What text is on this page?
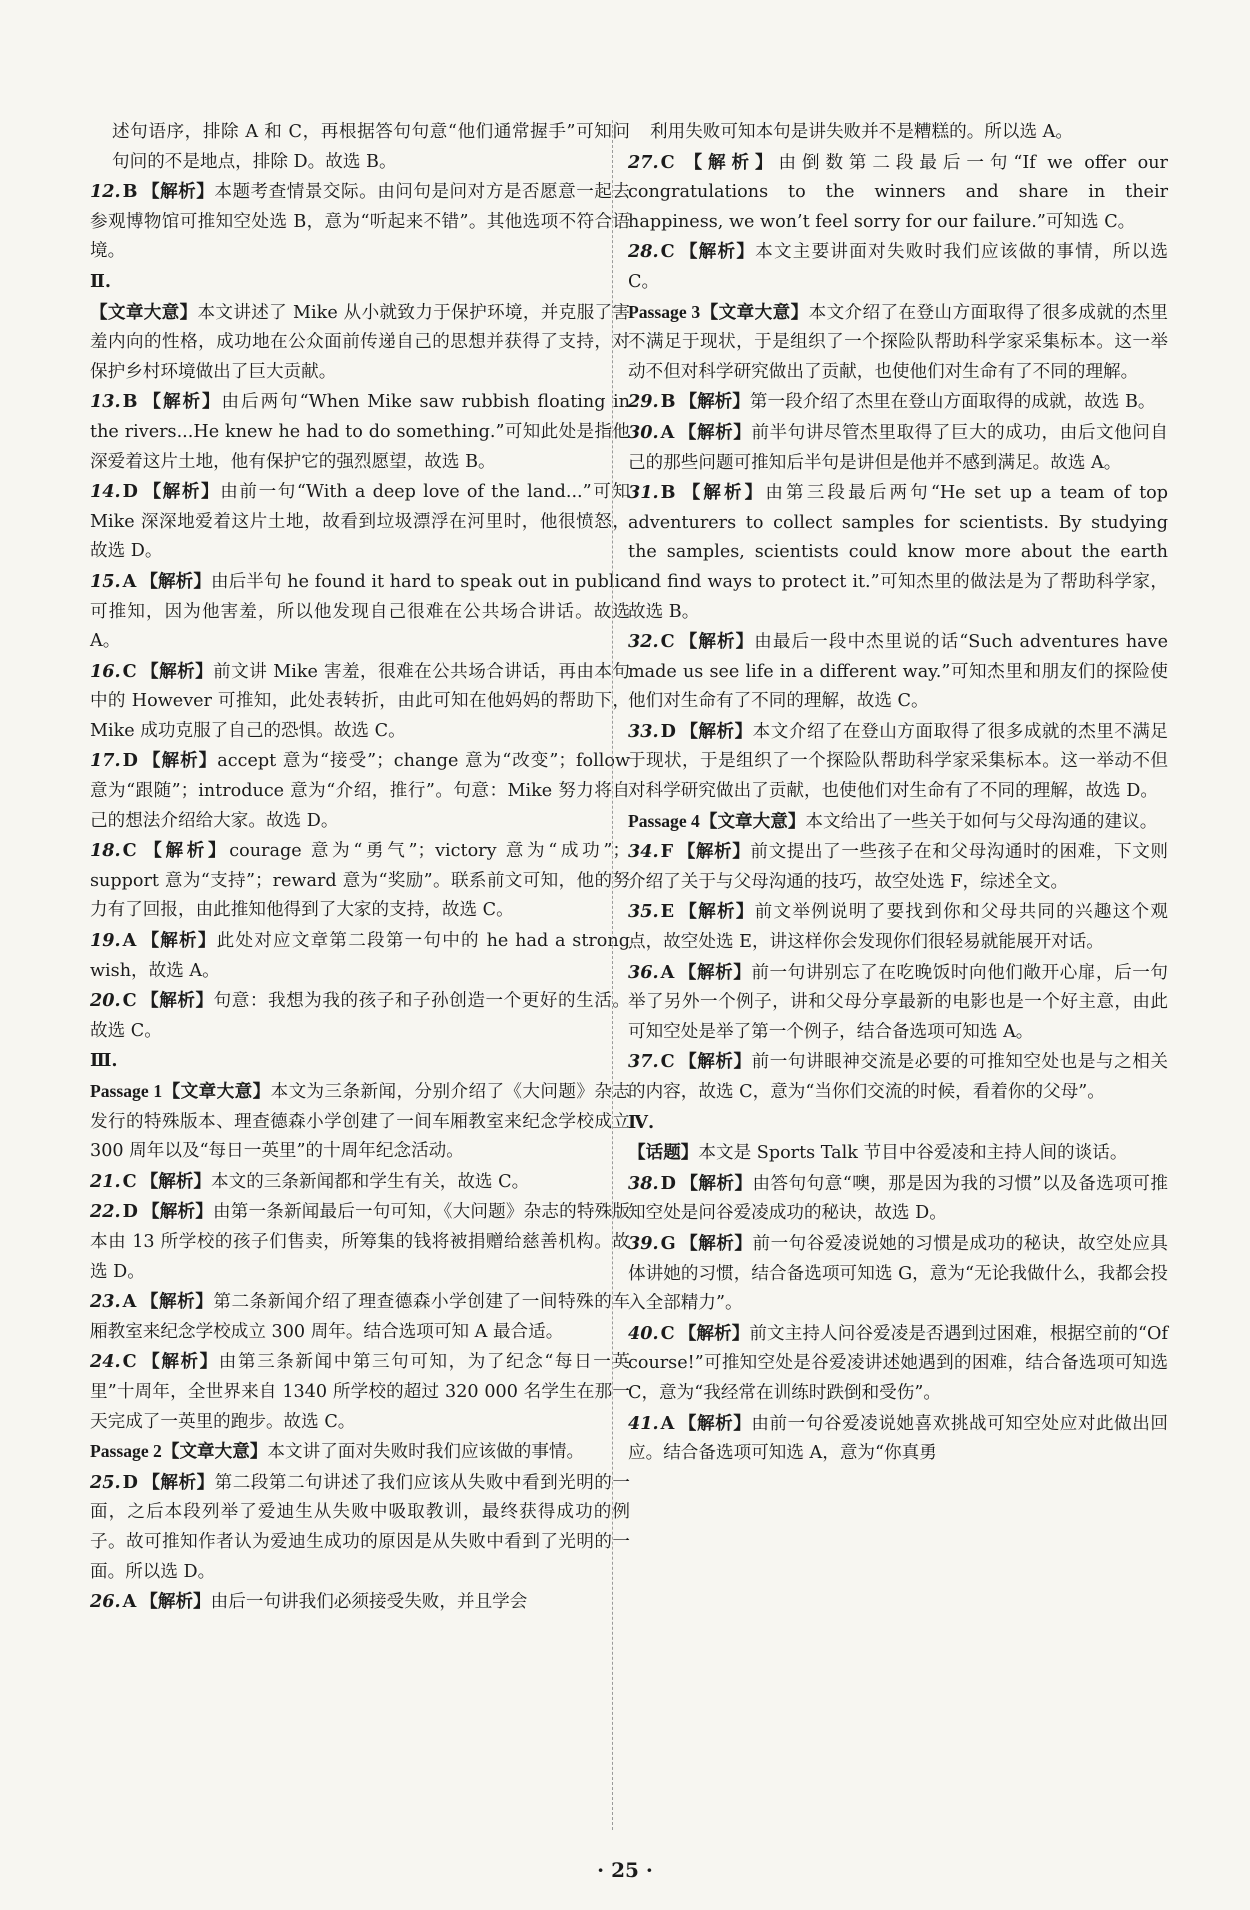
述句语序，排除 A 和 C，再根据答句句意“他们通常握手”可知问句问的不是地点，排除 D。故选 B。
12. B 【解析】本题考查情景交际。由问句是问对方是否愿意一起去参观博物馆可推知空处选 B，意为“听起来不错”。其他选项不符合语境。
Ⅱ.
【文章大意】本文讲述了 Mike 从小就致力于保护环境，并克服了害羞内向的性格，成功地在公众面前传递自己的思想并获得了支持，对保护乡村环境做出了巨大贡献。
13. B 【解析】由后两句“When Mike saw rubbish floating in the rivers...He knew he had to do something.”可知此处是指他深爱着这片土地，他有保护它的强烈愿望，故选 B。
14. D 【解析】由前一句“With a deep love of the land...”可知 Mike 深深地爱着这片土地，故看到垃圾漂浮在河里时，他很愤怒，故选 D。
15. A 【解析】由后半句 he found it hard to speak out in public 可推知，因为他害羞，所以他发现自己很难在公共场合讲话。故选 A。
16. C 【解析】前文讲 Mike 害羞，很难在公共场合讲话，再由本句中的 However 可推知，此处表转折，由此可知在他妈妈的帮助下，Mike 成功克服了自己的恐惧。故选 C。
17. D 【解析】accept 意为“接受”；change 意为“改变”；follow 意为“跟随”；introduce 意为“介绍，推行”。句意：Mike 努力将自己的想法介绍给大家。故选 D。
18. C 【解析】courage 意为“勇气”；victory 意为“成功”；support 意为“支持”；reward 意为“奖励”。联系前文可知，他的努力有了回报，由此推知他得到了大家的支持，故选 C。
19. A 【解析】此处对应文章第二段第一句中的 he had a strong wish，故选 A。
20. C 【解析】句意：我想为我的孩子和子孙创造一个更好的生活。故选 C。
Ⅲ.
Passage 1【文章大意】本文为三条新闻，分别介绍了《大问题》杂志发行的特殊版本、理查德森小学创建了一间车厢教室来纪念学校成立 300 周年以及“每日一英里”的十周年纪念活动。
21. C 【解析】本文的三条新闻都和学生有关，故选 C。
22. D 【解析】由第一条新闻最后一句可知，《大问题》杂志的特殊版本由 13 所学校的孩子们售卖，所筹集的钱将被捐赠给慈善机构。故选 D。
23. A 【解析】第二条新闻介绍了理查德森小学创建了一间特殊的车厢教室来纪念学校成立 300 周年。结合选项可知 A 最合适。
24. C 【解析】由第三条新闻中第三句可知，为了纪念“每日一英里”十周年，全世界来自 1340 所学校的超过 320 000 名学生在那一天完成了一英里的跑步。故选 C。
Passage 2【文章大意】本文讲了面对失败时我们应该做的事情。
25. D 【解析】第二段第二句讲述了我们应该从失败中看到光明的一面，之后本段列举了爱迪生从失败中吸取教训，最终获得成功的例子。故可推知作者认为爱迪生成功的原因是从失败中看到了光明的一面。所以选 D。
26. A 【解析】由后一句讲我们必须接受失败，并且学会
利用失败可知本句是讲失败并不是糟糕的。所以选 A。
27. C 【解析】由倒数第二段最后一句“If we offer our congratulations to the winners and share in their happiness, we won’t feel sorry for our failure.”可知选 C。
28. C 【解析】本文主要讲面对失败时我们应该做的事情，所以选 C。
Passage 3【文章大意】本文介绍了在登山方面取得了很多成就的杰里不满足于现状，于是组织了一个探险队帮助科学家采集标本。这一举动不但对科学研究做出了贡献，也使他们对生命有了不同的理解。
29. B 【解析】第一段介绍了杰里在登山方面取得的成就，故选 B。
30. A 【解析】前半句讲尽管杰里取得了巨大的成功，由后文他问自己的那些问题可推知后半句是讲但是他并不感到满足。故选 A。
31. B 【解析】由第三段最后两句“He set up a team of top adventurers to collect samples for scientists. By studying the samples, scientists could know more about the earth and find ways to protect it.”可知杰里的做法是为了帮助科学家，故选 B。
32. C 【解析】由最后一段中杰里说的话“Such adventures have made us see life in a different way.”可知杰里和朋友们的探险使他们对生命有了不同的理解，故选 C。
33. D 【解析】本文介绍了在登山方面取得了很多成就的杰里不满足于现状，于是组织了一个探险队帮助科学家采集标本。这一举动不但对科学研究做出了贡献，也使他们对生命有了不同的理解，故选 D。
Passage 4【文章大意】本文给出了一些关于如何与父母沟通的建议。
34. F 【解析】前文提出了一些孩子在和父母沟通时的困难，下文则介绍了关于与父母沟通的技巧，故空处选 F，综述全文。
35. E 【解析】前文举例说明了要找到你和父母共同的兴趣这个观点，故空处选 E，讲这样你会发现你们很轻易就能展开对话。
36. A 【解析】前一句讲别忘了在吃晚饭时向他们敞开心扉，后一句举了另外一个例子，讲和父母分享最新的电影也是一个好主意，由此可知空处是举了第一个例子，结合备选项可知选 A。
37. C 【解析】前一句讲眼神交流是必要的可推知空处也是与之相关的内容，故选 C，意为“当你们交流的时候，看着你的父母”。
Ⅳ.
【话题】本文是 Sports Talk 节目中谷爱凌和主持人间的谈话。
38. D 【解析】由答句句意“噢，那是因为我的习惯”以及备选项可推知空处是问谷爱凌成功的秘诀，故选 D。
39. G 【解析】前一句谷爱凌说她的习惯是成功的秘诀，故空处应具体讲她的习惯，结合备选项可知选 G，意为“无论我做什么，我都会投入全部精力”。
40. C 【解析】前文主持人问谷爱凌是否遇到过困难，根据空前的“Of course!”可推知空处是谷爱凌讲述她遇到的困难，结合备选项可知选 C，意为“我经常在训练时跌倒和受伤”。
41. A 【解析】由前一句谷爱凌说她喜欢挑战可知空处应对此做出回应。结合备选项可知选 A，意为“你真勇
· 25 ·
